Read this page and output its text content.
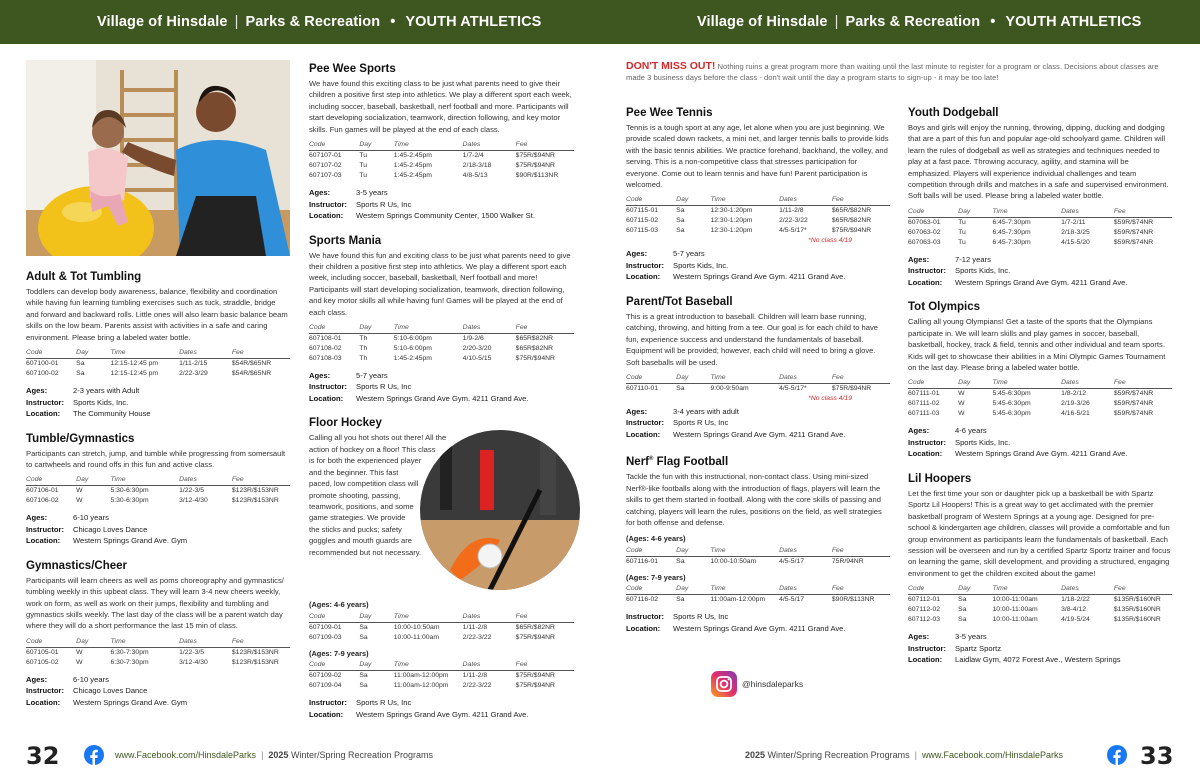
Village of Hinsdale | Parks & Recreation • YOUTH ATHLETICS	Village of Hinsdale | Parks & Recreation • YOUTH ATHLETICS
Adult & Tot Tumbling

Toddlers can develop body awareness, balance, flexibility and coordination while having fun learning tumbling exercises such as tuck, straddle, bridge and forward and backward rolls. Little ones will also learn basic balance beam skills on the low beam. Parents assist with activities in a safe and caring environment. Please bring a labeled water bottle.

Code	Day	Time	Dates	Fee
607100-01	Sa	12:15-12:45 pm	1/11-2/15	$54R/$65NR
607100-02	Sa	12:15-12:45 pm	2/22-3/29	$54R/$65NR
Ages:	2-3 years with Adult
Instructor:	Sports Kids, Inc.
Location:	The Community House
Tumble/Gymnastics

Participants can stretch, jump, and tumble while progressing from somersault to cartwheels and round offs in this fun and active class.

Code	Day	Time	Dates	Fee
607106-01	W	5:30-6:30pm	1/22-3/5	$123R/$153NR
607106-02	W	5:30-6:30pm	3/12-4/30	$123R/$153NR
Ages:	6-10 years
Instructor:	Chicago Loves Dance
Location:	Western Springs Grand Ave. Gym
Gymnastics/Cheer

Participants will learn cheers as well as poms choreography and gymnastics/ tumbling weekly in this upbeat class. They will learn 3-4 new cheers weekly, work on form, as well as work on their jumps, flexibility and tumbling and gymnastics skills weekly. The last day of the class will be a parent watch day where they will do a short performance the last 15 min of class.

Code	Day	Time	Dates	Fee
607105-01	W	6:30-7:30pm	1/22-3/5	$123R/$153NR
607105-02	W	6:30-7:30pm	3/12-4/30	$123R/$153NR
Ages:	6-10 years
Instructor:	Chicago Loves Dance
Location:	Western Springs Grand Ave. Gym
Pee Wee Sports

We have found this exciting class to be just what parents need to give their children a positive first step into athletics. We play a different sport each week, including soccer, baseball, basketball, nerf football and more. Participants will start developing socialization, teamwork, direction following, and key motor skills. Fun games will be played at the end of each class.

Code	Day	Time	Dates	Fee
607107-01	Tu	1:45-2:45pm	1/7-2/4	$75R/$94NR
607107-02	Tu	1:45-2:45pm	2/18-3/18	$75R/$94NR
607107-03	Tu	1:45-2:45pm	4/8-5/13	$90R/$113NR
Ages:	3-5 years
Instructor:	Sports R Us, Inc
Location:	Western Springs Community Center, 1500 Walker St.
Sports Mania

We have found this fun and exciting class to be just what parents need to give their children a positive first step into athletics. We play a different sport each week, including soccer, baseball, basketball, Nerf football and more! Participants will start developing socialization, teamwork, direction following, and key motor skills all while having fun! Games will be played at the end of each class.

Code	Day	Time	Dates	Fee
607108-01	Th	5:10-6:00pm	1/9-2/6	$65R$82NR
607108-02	Th	5:10-6:00pm	2/20-3/20	$65R$82NR
607108-03	Th	1:45-2:45pm	4/10-5/15	$75R/$94NR
Ages:	5-7 years
Instructor:	Sports R Us, Inc
Location:	Western Springs Grand Ave Gym. 4211 Grand Ave.
Floor Hockey

Calling all you hot shots out there! All the action of hockey on a floor! This class is for both the experienced player and the beginner. This fast paced, low competition class will promote shooting, passing, teamwork, positions, and some game strategies. We provide the sticks and pucks; safety goggles and mouth guards are recommended but not necessary.

(Ages: 4-6 years)
Code	Day	Time	Dates	Fee
607109-01	Sa	10:00-10:50am	1/11-2/8	$65R/$82NR
607109-03	Sa	10:00-11:00am	2/22-3/22	$75R/$94NR
(Ages: 7-9 years)
Code	Day	Time	Dates	Fee
607109-02	Sa	11:00am-12:00pm	1/11-2/8	$75R/$94NR
607109-04	Sa	11:00am-12:00pm	2/22-3/22	$75R/$94NR
Instructor:	Sports R Us, Inc
Location:	Western Springs Grand Ave Gym. 4211 Grand Ave.
DON'T MISS OUT! Nothing ruins a great program more than waiting until the last minute to register for a program or class. Decisions about classes are made 3 business days before the class - don't wait until the day a program starts to sign-up - it may be too late!
Pee Wee Tennis

Tennis is a tough sport at any age, let alone when you are just beginning. We provide scaled down rackets, a mini net, and larger tennis balls to provide kids with the basic tennis abilities. We practice forehand, backhand, the volley, and serving. This is a non-competitive class that stresses participation for everyone. Come out to learn tennis and have fun! Parent participation is welcomed.

Code	Day	Time	Dates	Fee
607115-01	Sa	12:30-1:20pm	1/11-2/8	$65R/$82NR
607115-02	Sa	12:30-1:20pm	2/22-3/22	$65R/$82NR
607115-03	Sa	12:30-1:20pm	4/5-5/17*	$75R/$94NR
*No class 4/19
Ages:	5-7 years
Instructor:	Sports Kids, Inc.
Location:	Western Springs Grand Ave Gym. 4211 Grand Ave.
Parent/Tot Baseball

This is a great introduction to baseball. Children will learn base running, catching, throwing, and hitting from a tee. Our goal is for each child to have fun, experience success and understand the fundamentals of baseball. Equipment will be provided; however, each child will need to bring a glove. Soft baseballs will be used.

Code	Day	Time	Dates	Fee
607110-01	Sa	9:00-9:50am	4/5-5/17*	$75R/$94NR
*No class 4/19
Ages:	3-4 years with adult
Instructor:	Sports R Us, Inc
Location:	Western Springs Grand Ave Gym. 4211 Grand Ave.
Nerf® Flag Football

Tackle the fun with this instructional, non-contact class. Using mini-sized Nerf®-like footballs along with the introduction of flags, players will learn the skills to get them started in football. Along with the core skills of passing and catching, players will learn the rules, positions on the field, as well strategies for both offense and defense.

(Ages: 4-6 years)
Code	Day	Time	Dates	Fee
607116-01	Sa	10:00-10:50am	4/5-5/17	75R/94NR
(Ages: 7-9 years)
Code	Day	Time	Dates	Fee
607116-02	Sa	11:00am-12:00pm	4/5-5/17	$90R/$113NR
Instructor:	Sports R Us, Inc
Location:	Western Springs Grand Ave Gym. 4211 Grand Ave.
Youth Dodgeball

Boys and girls will enjoy the running, throwing, dipping, ducking and dodging that are a part of this fun and popular age-old schoolyard game. Children will learn the rules of dodgeball as well as strategies and techniques needed to play at a fast pace. Throwing accuracy, agility, and stamina will be emphasized. Players will experience individual challenges and team competition through drills and matches in a safe and supervised environment. Soft balls will be used. Please bring a labeled water bottle.

Code	Day	Time	Dates	Fee
607063-01	Tu	6:45-7:30pm	1/7-2/11	$59R/$74NR
607063-02	Tu	6:45-7:30pm	2/18-3/25	$59R/$74NR
607063-03	Tu	6:45-7:30pm	4/15-5/20	$59R/$74NR
Ages:	7-12 years
Instructor:	Sports Kids, Inc.
Location:	Western Springs Grand Ave Gym. 4211 Grand Ave.
Tot Olympics

Calling all young Olympians! Get a taste of the sports that the Olympians participate in. We will learn skills and play games in soccer, baseball, basketball, hockey, track & field, tennis and other individual and team sports. Kids will get to showcase their abilities in a Mini Olympic Games Tournament on the last day. Please bring a labeled water bottle.

Code	Day	Time	Dates	Fee
607111-01	W	5:45-6:30pm	1/8-2/12	$59R/$74NR
607111-02	W	5:45-6:30pm	2/19-3/26	$59R/$74NR
607111-03	W	5:45-6:30pm	4/16-5/21	$59R/$74NR
Ages:	4-6 years
Instructor:	Sports Kids, Inc.
Location:	Western Springs Grand Ave Gym. 4211 Grand Ave.
Lil Hoopers

Let the first time your son or daughter pick up a basketball be with Spartz Sportz Lil Hoopers! This is a great way to get acclimated with the premier basketball program of Western Springs at a young age. Designed for pre-school & kindergarten age children, classes will provide a comfortable and fun group environment as participants learn the fundamentals of basketball. Each session will be overseen and run by a certified Spartz Sportz trainer and focus on learning the game, skill development, and providing a structured, engaging environment to get the children excited about the game!

Code	Day	Time	Dates	Fee
607112-01	Sa	10:00-11:00am	1/18-2/22	$135R/$160NR
607112-02	Sa	10:00-11:00am	3/8-4/12	$135R/$160NR
607112-03	Sa	10:00-11:00am	4/19-5/24	$135R/$160NR
Ages:	3-5 years
Instructor:	Spartz Sportz
Location:	Laidlaw Gym, 4072 Forest Ave., Western Springs
@hinsdaleparks
32	www.Facebook.com/HinsdaleParks | 2025 Winter/Spring Recreation Programs	2025 Winter/Spring Recreation Programs | www.Facebook.com/HinsdaleParks	33
